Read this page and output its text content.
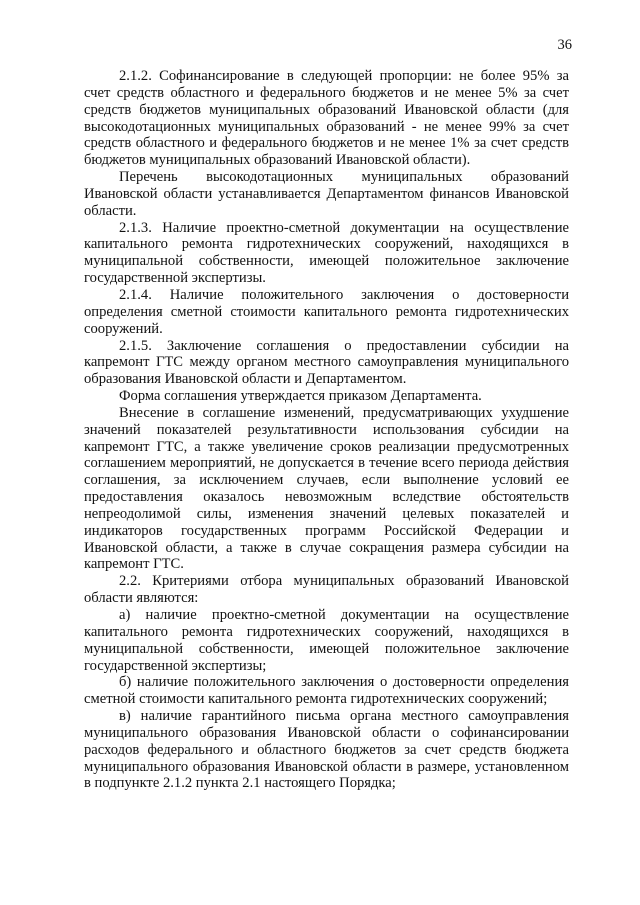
36

2.1.2. Софинансирование в следующей пропорции: не более 95% за счет средств областного и федерального бюджетов и не менее 5% за счет средств бюджетов муниципальных образований Ивановской области (для высокодотационных муниципальных образований - не менее 99% за счет средств областного и федерального бюджетов и не менее 1% за счет средств бюджетов муниципальных образований Ивановской области).

Перечень высокодотационных муниципальных образований Ивановской области устанавливается Департаментом финансов Ивановской области.

2.1.3. Наличие проектно-сметной документации на осуществление капитального ремонта гидротехнических сооружений, находящихся в муниципальной собственности, имеющей положительное заключение государственной экспертизы.

2.1.4. Наличие положительного заключения о достоверности определения сметной стоимости капитального ремонта гидротехнических сооружений.

2.1.5. Заключение соглашения о предоставлении субсидии на капремонт ГТС между органом местного самоуправления муниципального образования Ивановской области и Департаментом.

Форма соглашения утверждается приказом Департамента.

Внесение в соглашение изменений, предусматривающих ухудшение значений показателей результативности использования субсидии на капремонт ГТС, а также увеличение сроков реализации предусмотренных соглашением мероприятий, не допускается в течение всего периода действия соглашения, за исключением случаев, если выполнение условий ее предоставления оказалось невозможным вследствие обстоятельств непреодолимой силы, изменения значений целевых показателей и индикаторов государственных программ Российской Федерации и Ивановской области, а также в случае сокращения размера субсидии на капремонт ГТС.

2.2. Критериями отбора муниципальных образований Ивановской области являются:

а) наличие проектно-сметной документации на осуществление капитального ремонта гидротехнических сооружений, находящихся в муниципальной собственности, имеющей положительное заключение государственной экспертизы;

б) наличие положительного заключения о достоверности определения сметной стоимости капитального ремонта гидротехнических сооружений;

в) наличие гарантийного письма органа местного самоуправления муниципального образования Ивановской области о софинансировании расходов федерального и областного бюджетов за счет средств бюджета муниципального образования Ивановской области в размере, установленном в подпункте 2.1.2 пункта 2.1 настоящего Порядка;
